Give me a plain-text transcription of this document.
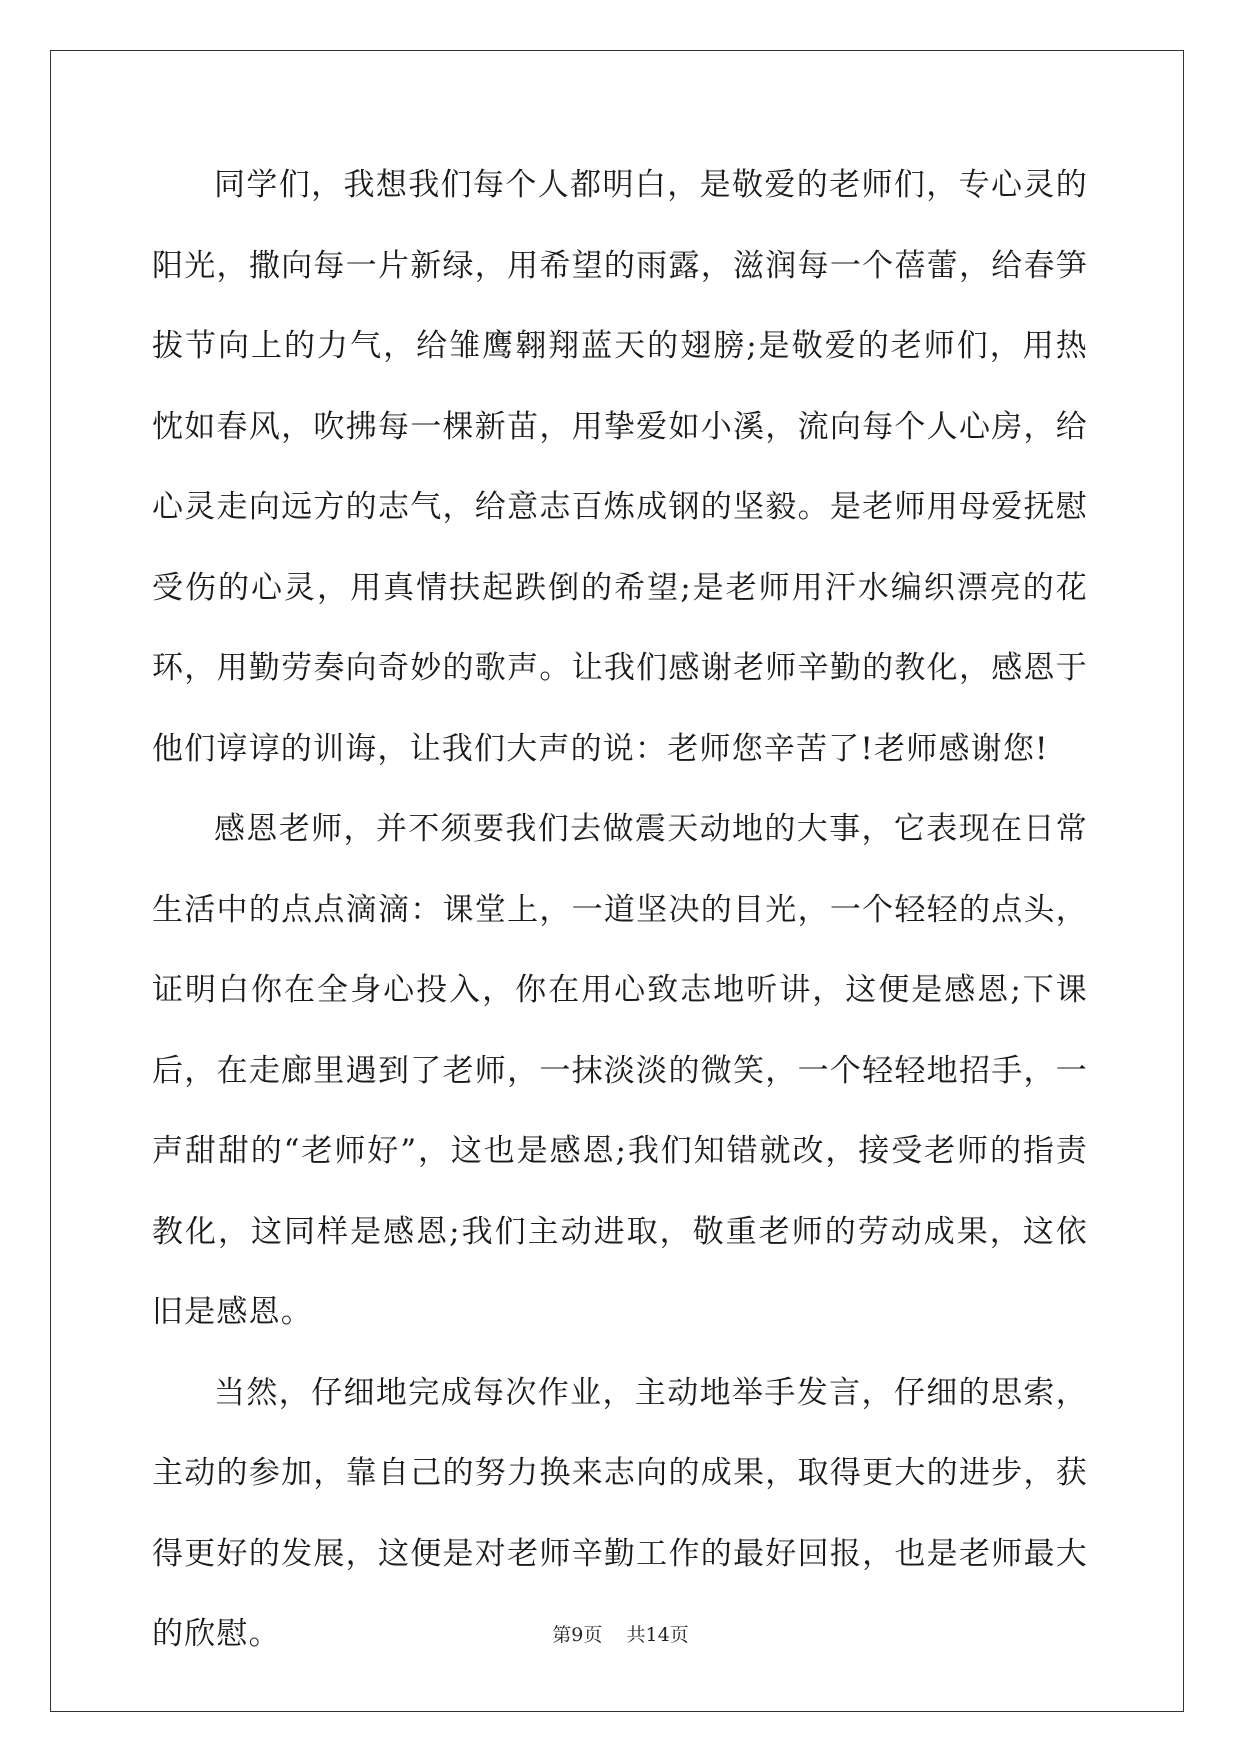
同学们，我想我们每个人都明白，是敬爱的老师们，专心灵的阳光，撒向每一片新绿，用希望的雨露，滋润每一个蓓蕾，给春笋拔节向上的力气，给雏鹰翱翔蓝天的翅膀;是敬爱的老师们，用热忱如春风，吹拂每一棵新苗，用挚爱如小溪，流向每个人心房，给心灵走向远方的志气，给意志百炼成钢的坚毅。是老师用母爱抚慰受伤的心灵，用真情扶起跌倒的希望;是老师用汗水编织漂亮的花环，用勤劳奏向奇妙的歌声。让我们感谢老师辛勤的教化，感恩于他们谆谆的训诲，让我们大声的说：老师您辛苦了!老师感谢您!

感恩老师，并不须要我们去做震天动地的大事，它表现在日常生活中的点点滴滴：课堂上，一道坚决的目光，一个轻轻的点头，证明白你在全身心投入，你在用心致志地听讲，这便是感恩;下课后，在走廊里遇到了老师，一抹淡淡的微笑，一个轻轻地招手，一声甜甜的“老师好”，这也是感恩;我们知错就改，接受老师的指责教化，这同样是感恩;我们主动进取，敬重老师的劳动成果，这依旧是感恩。

当然，仔细地完成每次作业，主动地举手发言，仔细的思索，主动的参加，靠自己的努力换来志向的成果，取得更大的进步，获得更好的发展，这便是对老师辛勤工作的最好回报，也是老师最大的欣慰。	第9页 共14页
